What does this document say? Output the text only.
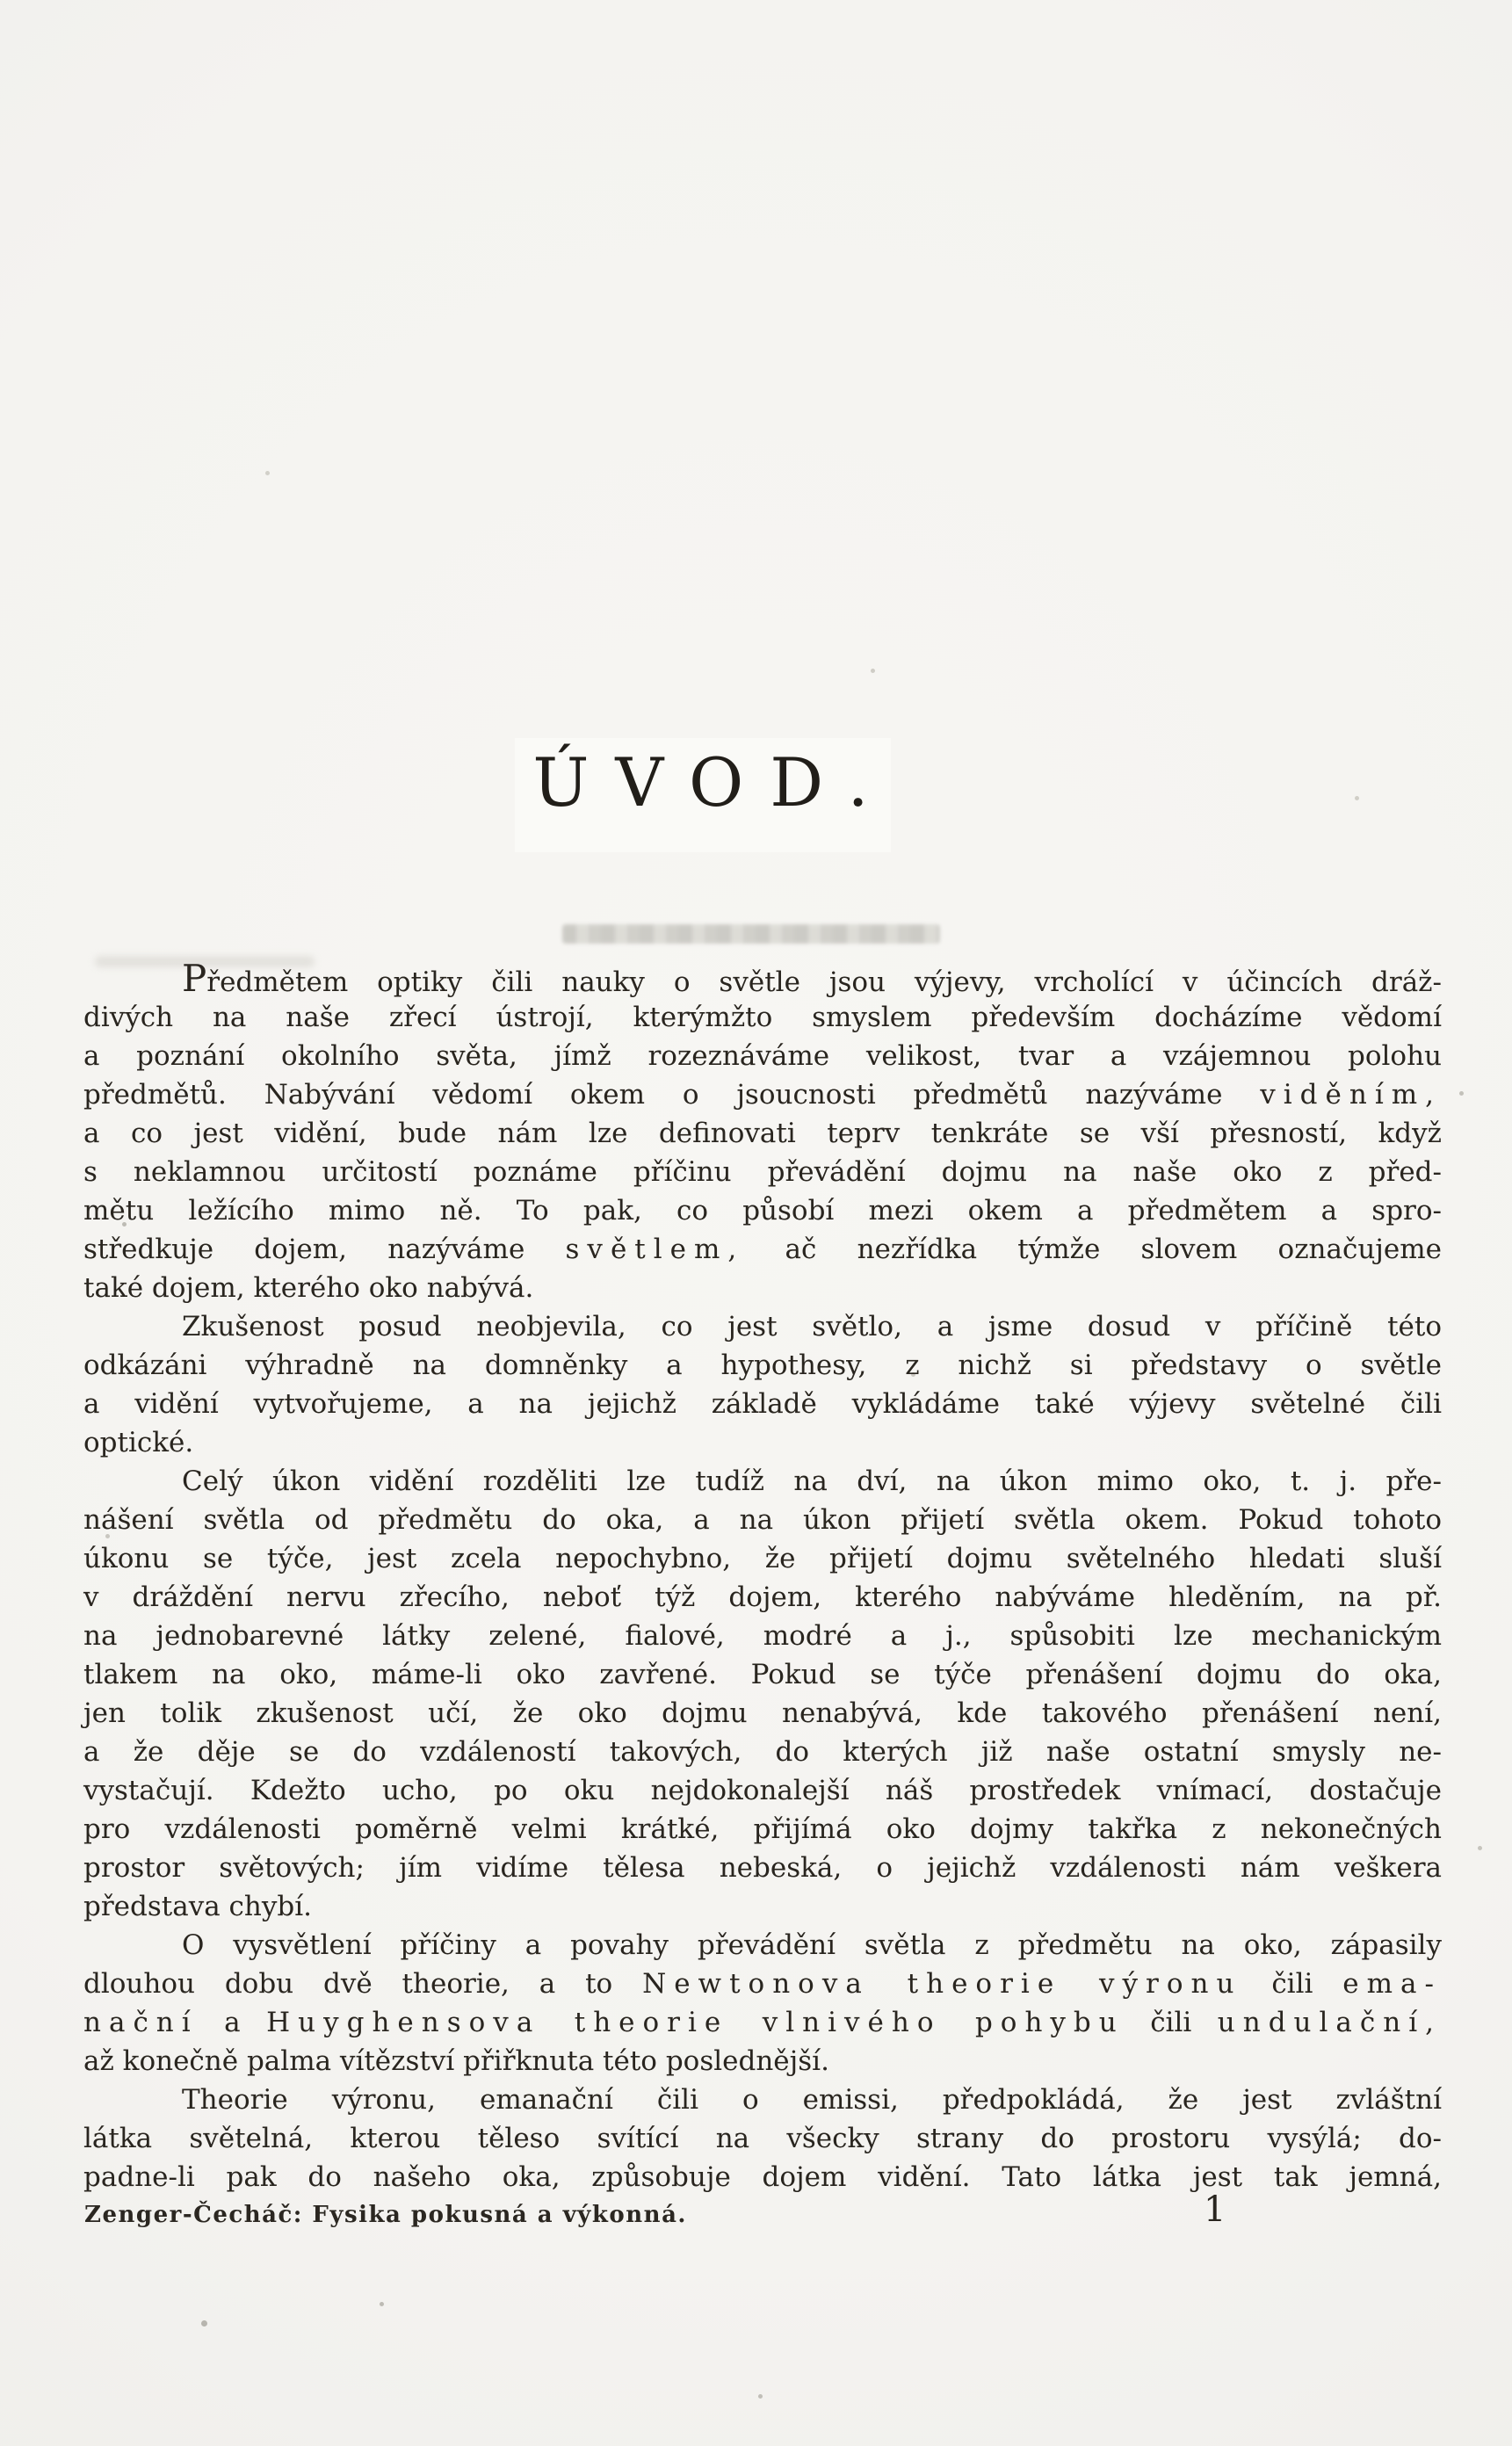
ÚVOD.
Předmětem optiky čili nauky o světle jsou výjevy, vrcholící v účincích dráž-
divých na naše zřecí ústrojí, kterýmžto smyslem především docházíme vědomí
a poznání okolního světa, jímž rozeznáváme velikost, tvar a vzájemnou polohu
předmětů. Nabývání vědomí okem o jsoucnosti předmětů nazýváme viděním,
a co jest vidění, bude nám lze definovati teprv tenkráte se vší přesností, když
s neklamnou určitostí poznáme příčinu převádění dojmu na naše oko z před-
mětu ležícího mimo ně. To pak, co působí mezi okem a předmětem a spro-
středkuje dojem, nazýváme světlem, ač nezřídka týmže slovem označujeme
také dojem, kterého oko nabývá.
Zkušenost posud neobjevila, co jest světlo, a jsme dosud v příčině této
odkázáni výhradně na domněnky a hypothesy, z nichž si představy o světle
a vidění vytvořujeme, a na jejichž základě vykládáme také výjevy světelné čili
optické.
Celý úkon vidění rozděliti lze tudíž na dví, na úkon mimo oko, t. j. pře-
nášení světla od předmětu do oka, a na úkon přijetí světla okem. Pokud tohoto
úkonu se týče, jest zcela nepochybno, že přijetí dojmu světelného hledati sluší
v dráždění nervu zřecího, neboť týž dojem, kterého nabýváme hleděním, na př.
na jednobarevné látky zelené, fialové, modré a j., spůsobiti lze mechanickým
tlakem na oko, máme-li oko zavřené. Pokud se týče přenášení dojmu do oka,
jen tolik zkušenost učí, že oko dojmu nenabývá, kde takového přenášení není,
a že děje se do vzdáleností takových, do kterých již naše ostatní smysly ne-
vystačují. Kdežto ucho, po oku nejdokonalejší náš prostředek vnímací, dostačuje
pro vzdálenosti poměrně velmi krátké, přijímá oko dojmy takřka z nekonečných
prostor světových; jím vidíme tělesa nebeská, o jejichž vzdálenosti nám veškera
představa chybí.
O vysvětlení příčiny a povahy převádění světla z předmětu na oko, zápasily
dlouhou dobu dvě theorie, a to Newtonova theorie výronu čili ema-
nační a Huyghensova theorie vlnivého pohybu čili undulační,
až konečně palma vítězství přiřknuta této poslednější.
Theorie výronu, emanační čili o emissi, předpokládá, že jest zvláštní
látka světelná, kterou těleso svítící na všecky strany do prostoru vysýlá; do-
padne-li pak do našeho oka, způsobuje dojem vidění. Tato látka jest tak jemná,
Zenger-Čecháč: Fysika pokusná a výkonná.	1
